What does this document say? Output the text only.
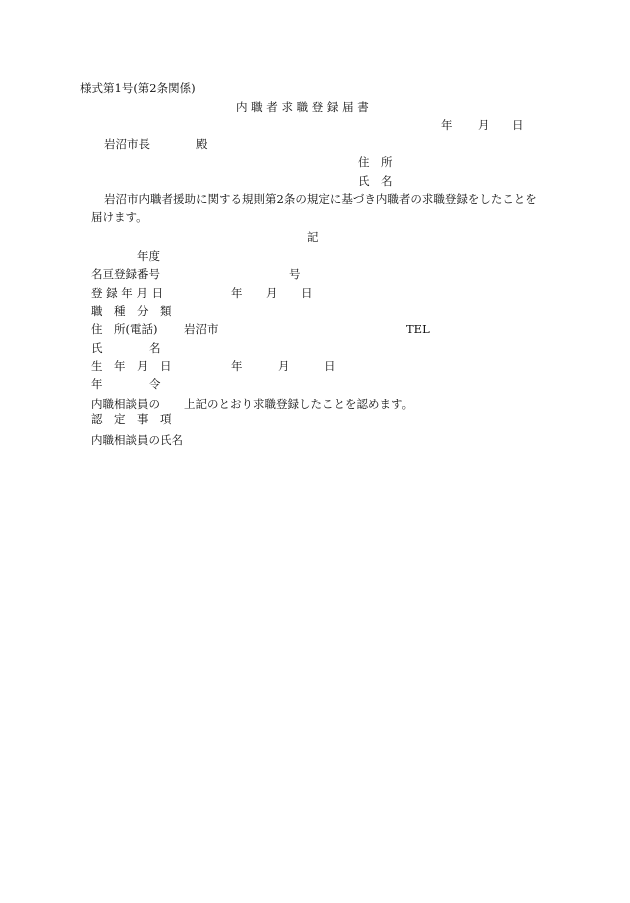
様式第1号(第2条関係)
内 職 者 求 職 登 録 届 書
年 月 日
岩沼市長	殿
住　所
氏　名
岩沼市内職者援助に関する規則第2条の規定に基づき内職者の求職登録をしたことを
届けます。
記
年度
名亘登録番号	号
登 録 年 月 日	年 月 日
職　種　分　類
住　所(電話) 岩沼市	TEL
氏	名
生　年　月　日	年	月	日
年	令
内職相談員の 上記のとおり求職登録したことを認めます。
認　定　事　項
内職相談員の氏名
